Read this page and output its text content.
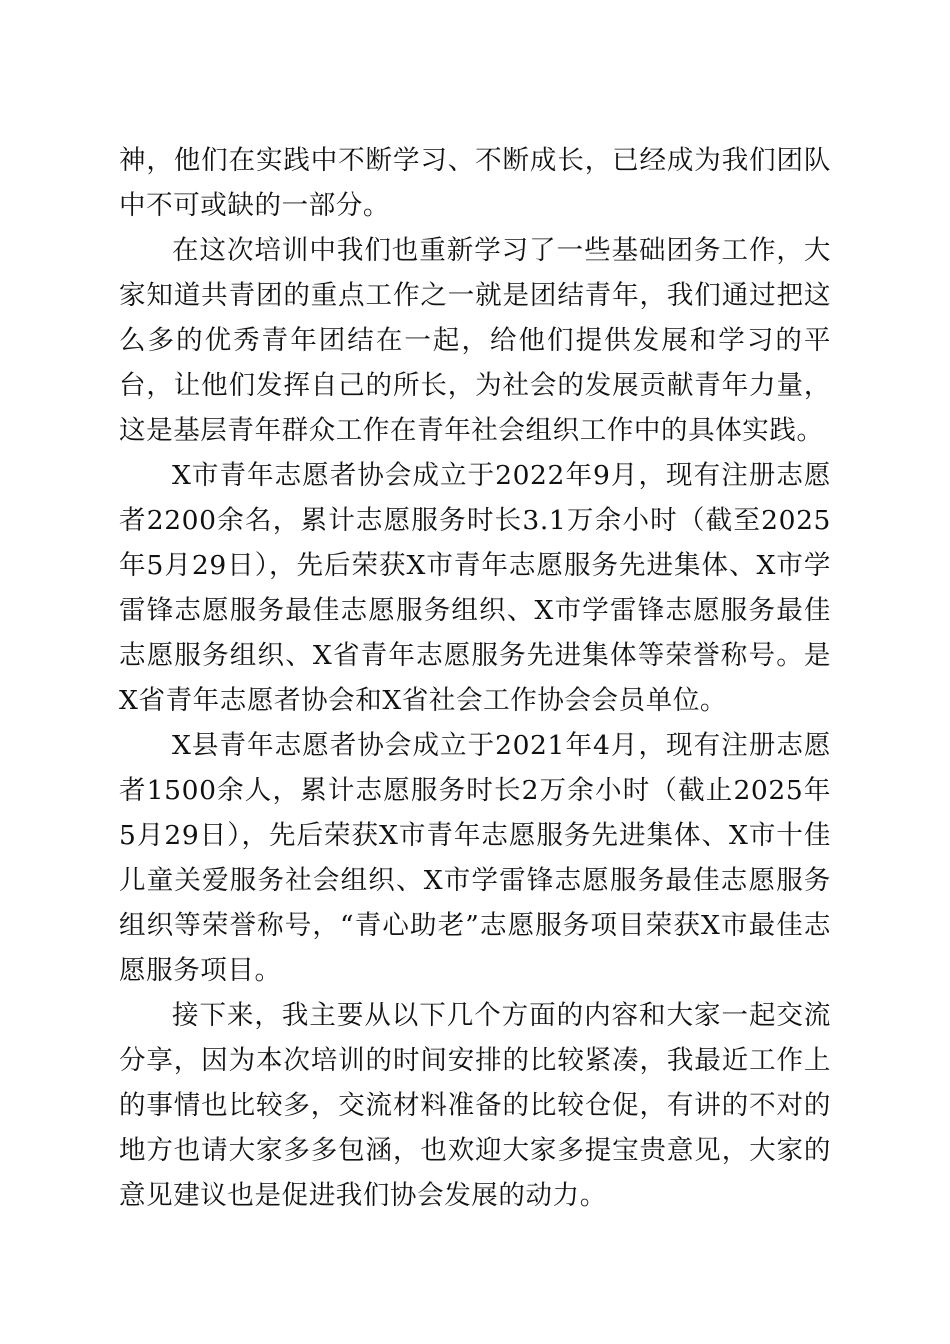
神，他们在实践中不断学习、不断成长，已经成为我们团队中不可或缺的一部分。

在这次培训中我们也重新学习了一些基础团务工作，大家知道共青团的重点工作之一就是团结青年，我们通过把这么多的优秀青年团结在一起，给他们提供发展和学习的平台，让他们发挥自己的所长，为社会的发展贡献青年力量，这是基层青年群众工作在青年社会组织工作中的具体实践。

X市青年志愿者协会成立于2022年9月，现有注册志愿者2200余名，累计志愿服务时长3.1万余小时（截至2025年5月29日），先后荣获X市青年志愿服务先进集体、X市学雷锋志愿服务最佳志愿服务组织、X市学雷锋志愿服务最佳志愿服务组织、X省青年志愿服务先进集体等荣誉称号。是X省青年志愿者协会和X省社会工作协会会员单位。

X县青年志愿者协会成立于2021年4月，现有注册志愿者1500余人，累计志愿服务时长2万余小时（截止2025年5月29日），先后荣获X市青年志愿服务先进集体、X市十佳儿童关爱服务社会组织、X市学雷锋志愿服务最佳志愿服务组织等荣誉称号，“青心助老”志愿服务项目荣获X市最佳志愿服务项目。

接下来，我主要从以下几个方面的内容和大家一起交流分享，因为本次培训的时间安排的比较紧凑，我最近工作上的事情也比较多，交流材料准备的比较仓促，有讲的不对的地方也请大家多多包涵，也欢迎大家多提宝贵意见，大家的意见建议也是促进我们协会发展的动力。
